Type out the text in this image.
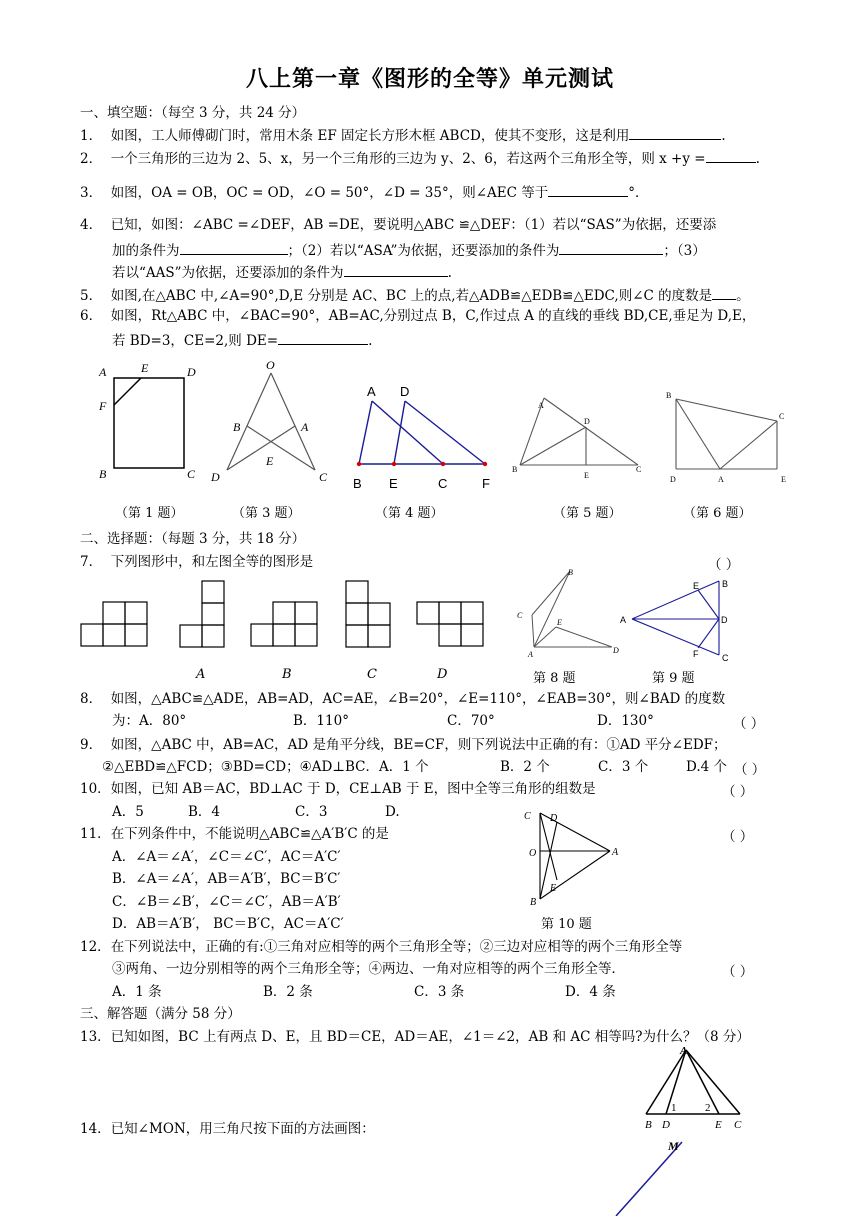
八上第一章《图形的全等》单元测试
一、填空题：（每空 3 分，共 24 分）
1． 如图，工人师傅砌门时，常用木条 EF 固定长方形木框 ABCD，使其不变形，这是利用	.
2． 一个三角形的三边为 2、5、x，另一个三角形的三边为 y、2、6，若这两个三角形全等，则 x +y =	.
3． 如图，OA = OB，OC = OD，∠O = 50°，∠D = 35°，则∠AEC 等于	°．
4． 已知，如图：∠ABC =∠DEF，AB =DE，要说明△ABC ≌△DEF：（1）若以“SAS”为依据，还要添
加的条件为	；（2）若以“ASA”为依据，还要添加的条件为	；（3）
若以“AAS”为依据，还要添加的条件为	.
5． 如图,在△ABC 中,∠A=90°,D,E 分别是 AC、BC 上的点,若△ADB≌△EDB≌△EDC,则∠C 的度数是 。
6． 如图，Rt△ABC 中，∠BAC=90°，AB=AC,分别过点 B，C,作过点 A 的直线的垂线 BD,CE,垂足为 D,E，
若 BD=3，CE=2,则 DE=	.
A	E	D
F
B	C
O
B	A
E
D	C
A D
B E	C	F
A
D
B
E
C
B
C
D	A	E
（第 1 题）	（第 3 题）	（第 4 题）	（第 5 题）	（第 6 题）
二、选择题：（每题 3 分，共 18 分）
7． 下列图形中，和左图全等的图形是	（ ）
A	B	C	D
B
C
E
A	D
B
E
A	D
F	C
第 8 题	第 9 题
8． 如图，△ABC≌△ADE，AB=AD，AC=AE，∠B=20°，∠E=110°，∠EAB=30°，则∠BAD 的度数
为：A．80°	B．110°	C．70°	D．130°	（ ）
9． 如图，△ABC 中，AB=AC，AD 是角平分线，BE=CF，则下列说法中正确的有：①AD 平分∠EDF；
②△EBD≌△FCD；③BD=CD；④AD⊥BC．A．1 个	B．2 个	C．3 个	D.4 个 （ ）
10．如图，已知 AB＝AC，BD⊥AC 于 D，CE⊥AB 于 E，图中全等三角形的组数是	（ ）
A．5	B．4	C．3	D.
11．在下列条件中，不能说明△ABC≌△A′B′C 的是	（ ）
A．∠A＝∠A′，∠C＝∠C′，AC＝A′C′
B．∠A＝∠A′，AB＝A′B′，BC＝B′C′
C．∠B＝∠B′，∠C＝∠C′，AB＝A′B′
D．AB＝A′B′， BC＝B′C，AC＝A′C′
C D
O	A
B
E
第 10 题
12．在下列说法中，正确的有:①三角对应相等的两个三角形全等；②三边对应相等的两个三角形全等
③两角、一边分别相等的两个三角形全等；④两边、一角对应相等的两个三角形全等．	（ ）
A．1 条	B．2 条	C．3 条	D．4 条
三、解答题（满分 58 分）
13．已知如图，BC 上有两点 D、E，且 BD＝CE，AD＝AE，∠1＝∠2，AB 和 AC 相等吗?为什么？（8 分）
A
1	2
B D	E C
14．已知∠MON，用三角尺按下面的方法画图：
M
